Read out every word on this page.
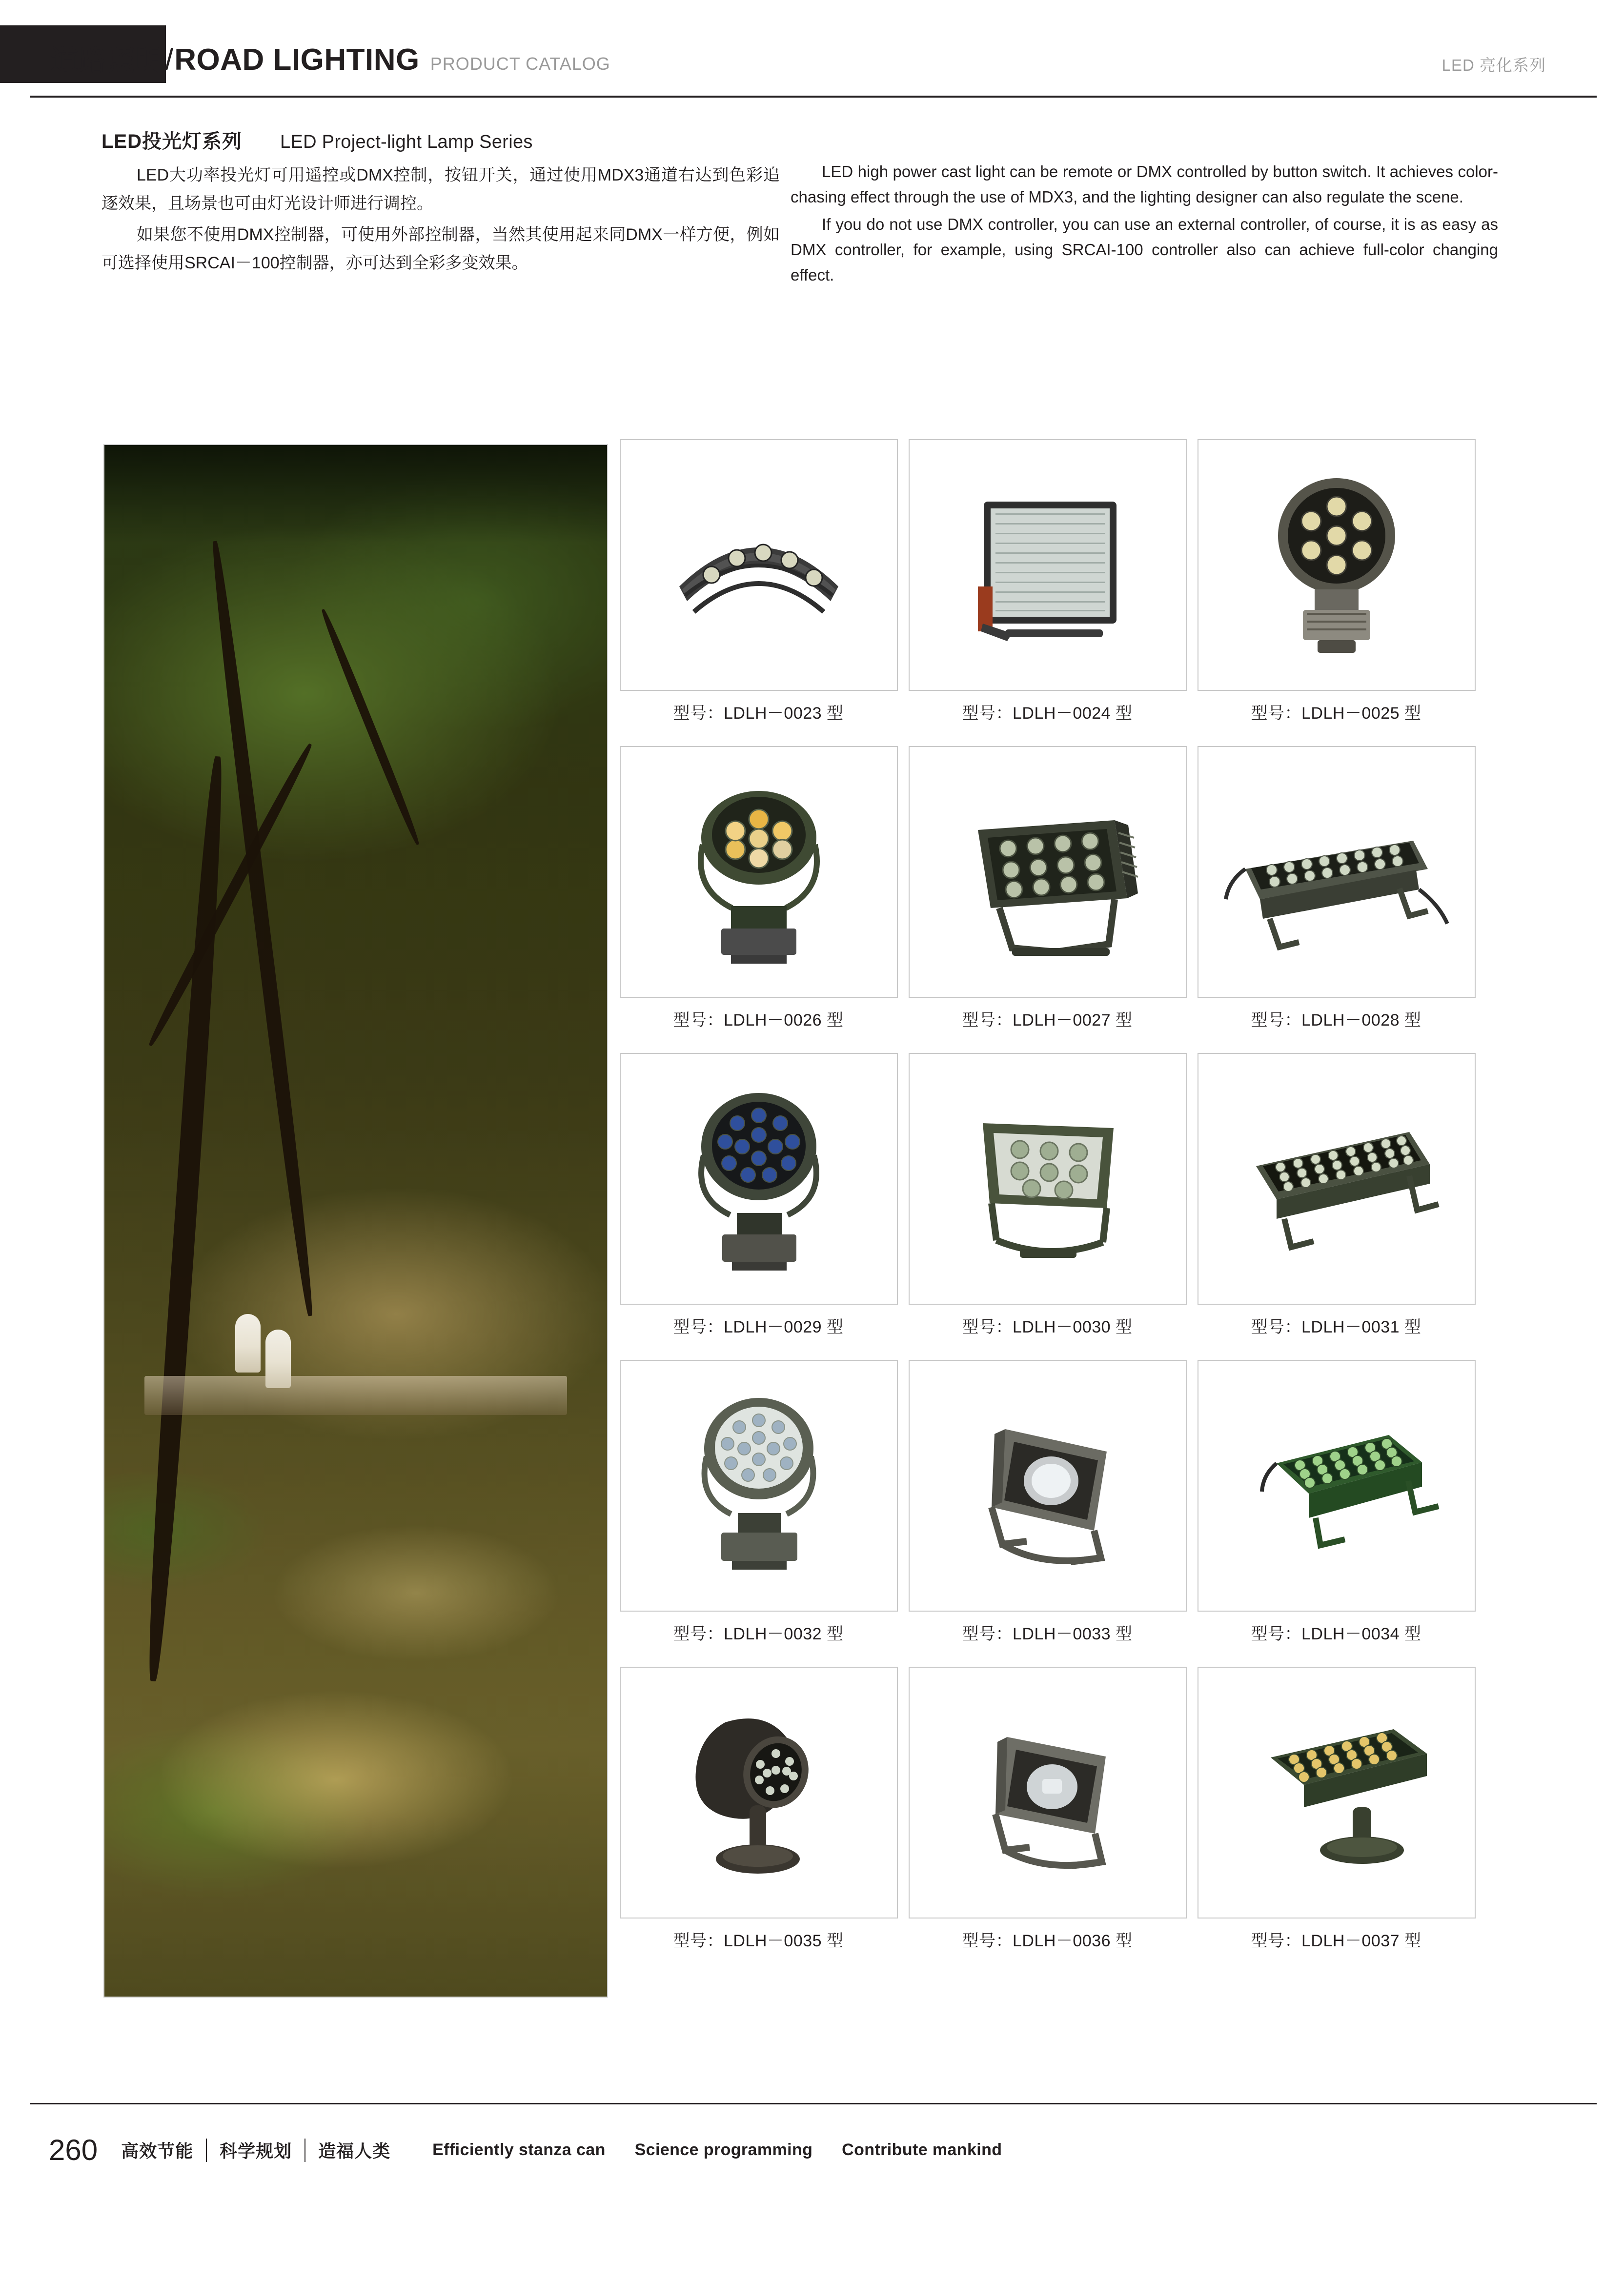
道路照明 / ROAD LIGHTING PRODUCT CATALOG	LED 亮化系列
LED投光灯系列 LED Project-light Lamp Series

LED大功率投光灯可用遥控或DMX控制，按钮开关，通过使用MDX3通道右达到色彩追逐效果，且场景也可由灯光设计师进行调控。

如果您不使用DMX控制器，可使用外部控制器，当然其使用起来同DMX一样方便，例如可选择使用SRCAI－100控制器，亦可达到全彩多变效果。

LED high power cast light can be remote or DMX controlled by button switch. It achieves color-chasing effect through the use of MDX3, and the lighting designer can also regulate the scene.

If you do not use DMX controller, you can use an external controller, of course, it is as easy as DMX controller, for example, using SRCAI-100 controller also can achieve full-color changing effect.

型号：LDLH－0023 型	型号：LDLH－0024 型	型号：LDLH－0025 型
型号：LDLH－0026 型	型号：LDLH－0027 型	型号：LDLH－0028 型
型号：LDLH－0029 型	型号：LDLH－0030 型	型号：LDLH－0031 型
型号：LDLH－0032 型	型号：LDLH－0033 型	型号：LDLH－0034 型
型号：LDLH－0035 型	型号：LDLH－0036 型	型号：LDLH－0037 型
260	高效节能	科学规划	造福人类	Efficiently stanza can Science programming Contribute mankind
